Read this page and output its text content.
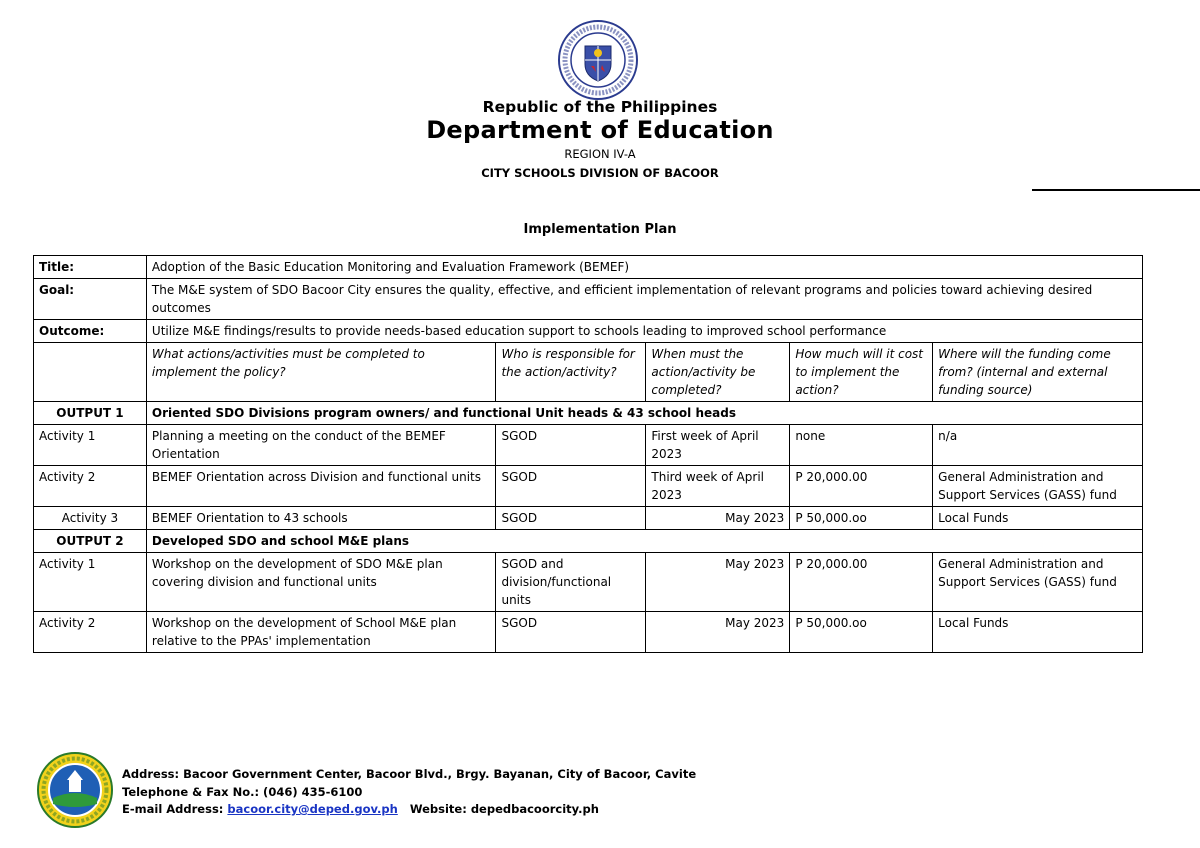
Republic of the Philippines
Department of Education
REGION IV-A
CITY SCHOOLS DIVISION OF BACOOR
Implementation Plan
Title:	Adoption of the Basic Education Monitoring and Evaluation Framework (BEMEF)				
Goal:	The M&E system of SDO Bacoor City ensures the quality, effective, and efficient implementation of relevant programs and policies toward achieving desired outcomes				
Outcome:	Utilize M&E findings/results to provide needs-based education support to schools leading to improved school performance				
	What actions/activities must be completed to implement the policy?	Who is responsible for the action/activity?	When must the action/activity be completed?	How much will it cost to implement the action?	Where will the funding come from? (internal and external funding source)
OUTPUT 1	Oriented SDO Divisions program owners/ and functional Unit heads & 43 school heads				
Activity 1	Planning a meeting on the conduct of the BEMEF Orientation	SGOD	First week of April 2023	none	n/a
Activity 2	BEMEF Orientation across Division and functional units	SGOD	Third week of April 2023	P 20,000.00	General Administration and Support Services (GASS) fund
Activity 3	BEMEF Orientation to 43 schools	SGOD	May 2023	P 50,000.oo	Local Funds
OUTPUT 2	Developed SDO and school M&E plans				
Activity 1	Workshop on the development of SDO M&E plan covering division and functional units	SGOD and division/functional units	May 2023	P 20,000.00	General Administration and Support Services (GASS) fund
Activity 2	Workshop on the development of School M&E plan relative to the PPAs' implementation	SGOD	May 2023	P 50,000.oo	Local Funds
Address: Bacoor Government Center, Bacoor Blvd., Brgy. Bayanan, City of Bacoor, Cavite
Telephone & Fax No.: (046) 435-6100
E-mail Address: bacoor.city@deped.gov.ph Website: depedbacoorcity.ph
